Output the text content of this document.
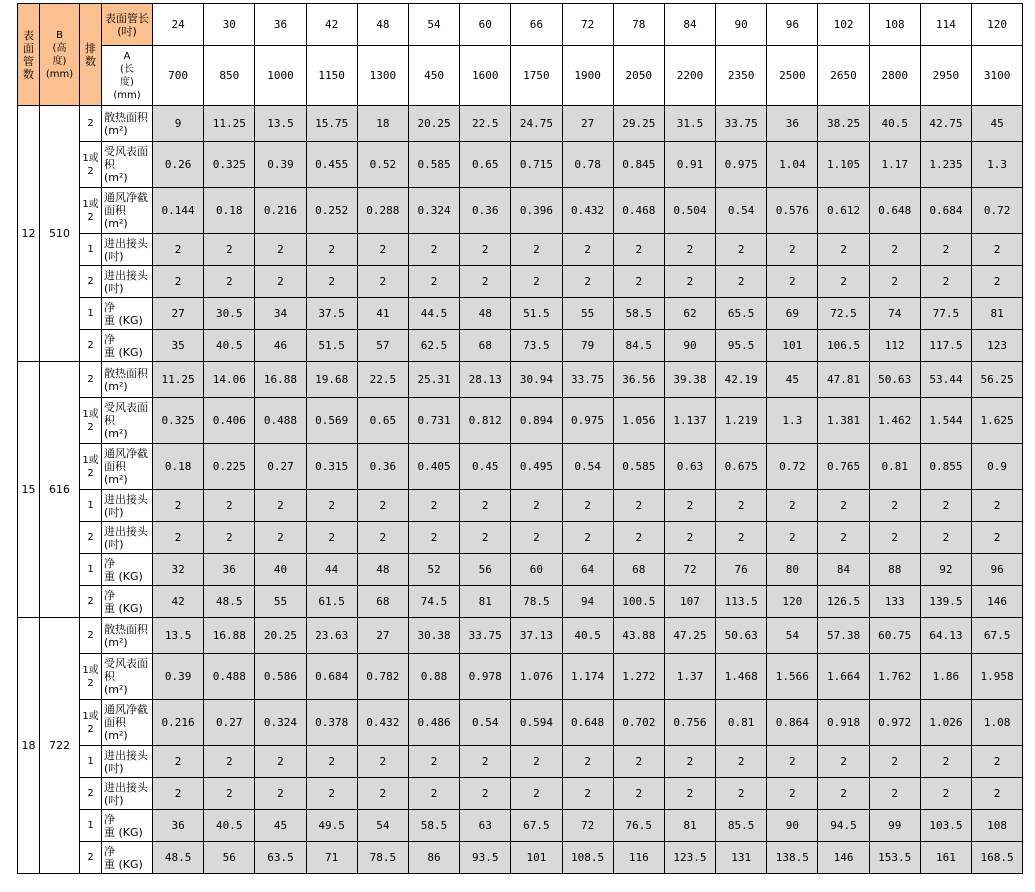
表面管数	B
(高
度)
(mm)	排数	表面管长(吋)	24	30	36	42	48	54	60	66	72	78	84	90	96	102	108	114	120
			A
(长
度)
(mm)	700	850	1000	1150	1300	450	1600	1750	1900	2050	2200	2350	2500	2650	2800	2950	3100
12	510	2	散热面积
(m²)	9	11.25	13.5	15.75	18	20.25	22.5	24.75	27	29.25	31.5	33.75	36	38.25	40.5	42.75	45
		1或2	受风表面积
(m²)	0.26	0.325	0.39	0.455	0.52	0.585	0.65	0.715	0.78	0.845	0.91	0.975	1.04	1.105	1.17	1.235	1.3
		1或2	通风净截面积
(m²)	0.144	0.18	0.216	0.252	0.288	0.324	0.36	0.396	0.432	0.468	0.504	0.54	0.576	0.612	0.648	0.684	0.72
		1	进出接头
(吋)	2	2	2	2	2	2	2	2	2	2	2	2	2	2	2	2	2
		2	进出接头
(吋)	2	2	2	2	2	2	2	2	2	2	2	2	2	2	2	2	2
		1	净
重 (KG)	27	30.5	34	37.5	41	44.5	48	51.5	55	58.5	62	65.5	69	72.5	74	77.5	81
		2	净
重 (KG)	35	40.5	46	51.5	57	62.5	68	73.5	79	84.5	90	95.5	101	106.5	112	117.5	123
15	616	2	散热面积
(m²)	11.25	14.06	16.88	19.68	22.5	25.31	28.13	30.94	33.75	36.56	39.38	42.19	45	47.81	50.63	53.44	56.25
		1或2	受风表面积
(m²)	0.325	0.406	0.488	0.569	0.65	0.731	0.812	0.894	0.975	1.056	1.137	1.219	1.3	1.381	1.462	1.544	1.625
		1或2	通风净截面积
(m²)	0.18	0.225	0.27	0.315	0.36	0.405	0.45	0.495	0.54	0.585	0.63	0.675	0.72	0.765	0.81	0.855	0.9
		1	进出接头
(吋)	2	2	2	2	2	2	2	2	2	2	2	2	2	2	2	2	2
		2	进出接头
(吋)	2	2	2	2	2	2	2	2	2	2	2	2	2	2	2	2	2
		1	净
重 (KG)	32	36	40	44	48	52	56	60	64	68	72	76	80	84	88	92	96
		2	净
重 (KG)	42	48.5	55	61.5	68	74.5	81	78.5	94	100.5	107	113.5	120	126.5	133	139.5	146
18	722	2	散热面积
(m²)	13.5	16.88	20.25	23.63	27	30.38	33.75	37.13	40.5	43.88	47.25	50.63	54	57.38	60.75	64.13	67.5
		1或2	受风表面积
(m²)	0.39	0.488	0.586	0.684	0.782	0.88	0.978	1.076	1.174	1.272	1.37	1.468	1.566	1.664	1.762	1.86	1.958
		1或2	通风净截面积
(m²)	0.216	0.27	0.324	0.378	0.432	0.486	0.54	0.594	0.648	0.702	0.756	0.81	0.864	0.918	0.972	1.026	1.08
		1	进出接头
(吋)	2	2	2	2	2	2	2	2	2	2	2	2	2	2	2	2	2
		2	进出接头
(吋)	2	2	2	2	2	2	2	2	2	2	2	2	2	2	2	2	2
		1	净
重 (KG)	36	40.5	45	49.5	54	58.5	63	67.5	72	76.5	81	85.5	90	94.5	99	103.5	108
		2	净
重 (KG)	48.5	56	63.5	71	78.5	86	93.5	101	108.5	116	123.5	131	138.5	146	153.5	161	168.5
